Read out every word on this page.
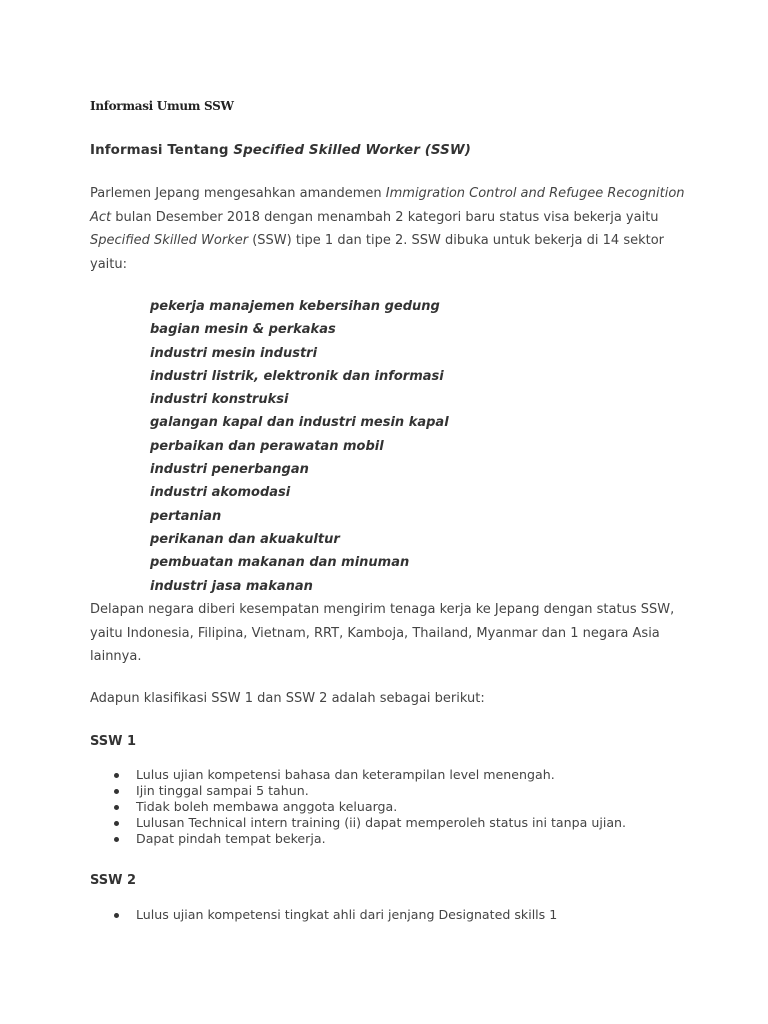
Informasi Umum SSW
Informasi Tentang Specified Skilled Worker (SSW)
Parlemen Jepang mengesahkan amandemen Immigration Control and Refugee Recognition Act bulan Desember 2018 dengan menambah 2 kategori baru status visa bekerja yaitu Specified Skilled Worker (SSW) tipe 1 dan tipe 2. SSW dibuka untuk bekerja di 14 sektor yaitu:
pekerja manajemen kebersihan gedung
bagian mesin & perkakas
industri mesin industri
industri listrik, elektronik dan informasi
industri konstruksi
galangan kapal dan industri mesin kapal
perbaikan dan perawatan mobil
industri penerbangan
industri akomodasi
pertanian
perikanan dan akuakultur
pembuatan makanan dan minuman
industri jasa makanan
Delapan negara diberi kesempatan mengirim tenaga kerja ke Jepang dengan status SSW, yaitu Indonesia, Filipina, Vietnam, RRT, Kamboja, Thailand, Myanmar dan 1 negara Asia lainnya.
Adapun klasifikasi SSW 1 dan SSW 2 adalah sebagai berikut:
SSW 1
Lulus ujian kompetensi bahasa dan keterampilan level menengah.
Ijin tinggal sampai 5 tahun.
Tidak boleh membawa anggota keluarga.
Lulusan Technical intern training (ii) dapat memperoleh status ini tanpa ujian.
Dapat pindah tempat bekerja.
SSW 2
Lulus ujian kompetensi tingkat ahli dari jenjang Designated skills 1
